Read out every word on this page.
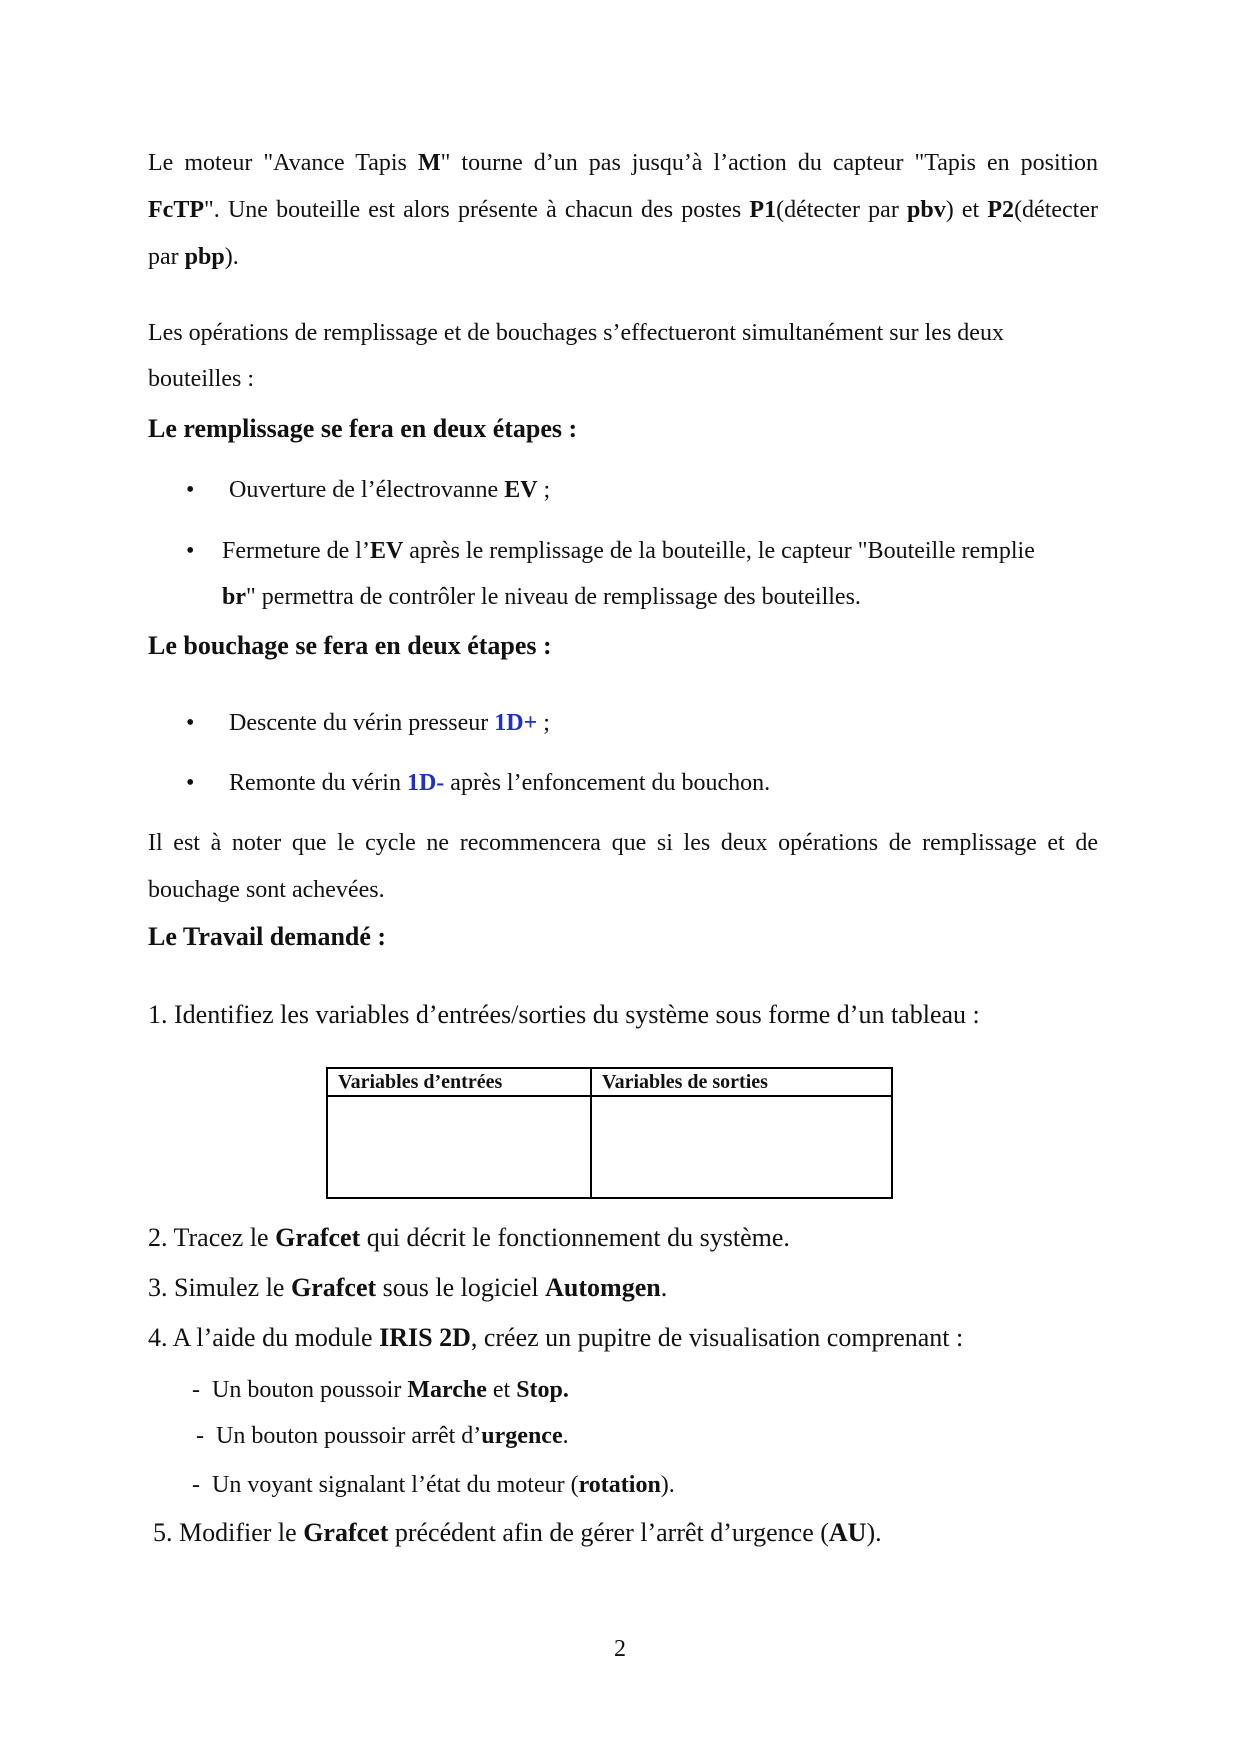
Le moteur "Avance Tapis M" tourne d’un pas jusqu’à l’action du capteur "Tapis en position FcTP". Une bouteille est alors présente à chacun des postes P1(détecter par pbv) et P2(détecter par pbp).
Les opérations de remplissage et de bouchages s’effectueront simultanément sur les deux bouteilles :
Le remplissage se fera en deux étapes :
• Ouverture de l’électrovanne EV ;
• Fermeture de l’EV après le remplissage de la bouteille, le capteur "Bouteille remplie br" permettra de contrôler le niveau de remplissage des bouteilles.
Le bouchage se fera en deux étapes :
• Descente du vérin presseur 1D+ ;
• Remonte du vérin 1D- après l’enfoncement du bouchon.
Il est à noter que le cycle ne recommencera que si les deux opérations de remplissage et de bouchage sont achevées.
Le Travail demandé :
1. Identifiez les variables d’entrées/sorties du système sous forme d’un tableau :
Variables d’entrées	Variables de sorties

2. Tracez le Grafcet qui décrit le fonctionnement du système.
3. Simulez le Grafcet sous le logiciel Automgen.
4. A l’aide du module IRIS 2D, créez un pupitre de visualisation comprenant :
- Un bouton poussoir Marche et Stop.
- Un bouton poussoir arrêt d’urgence.
- Un voyant signalant l’état du moteur (rotation).
5. Modifier le Grafcet précédent afin de gérer l’arrêt d’urgence (AU).
2
